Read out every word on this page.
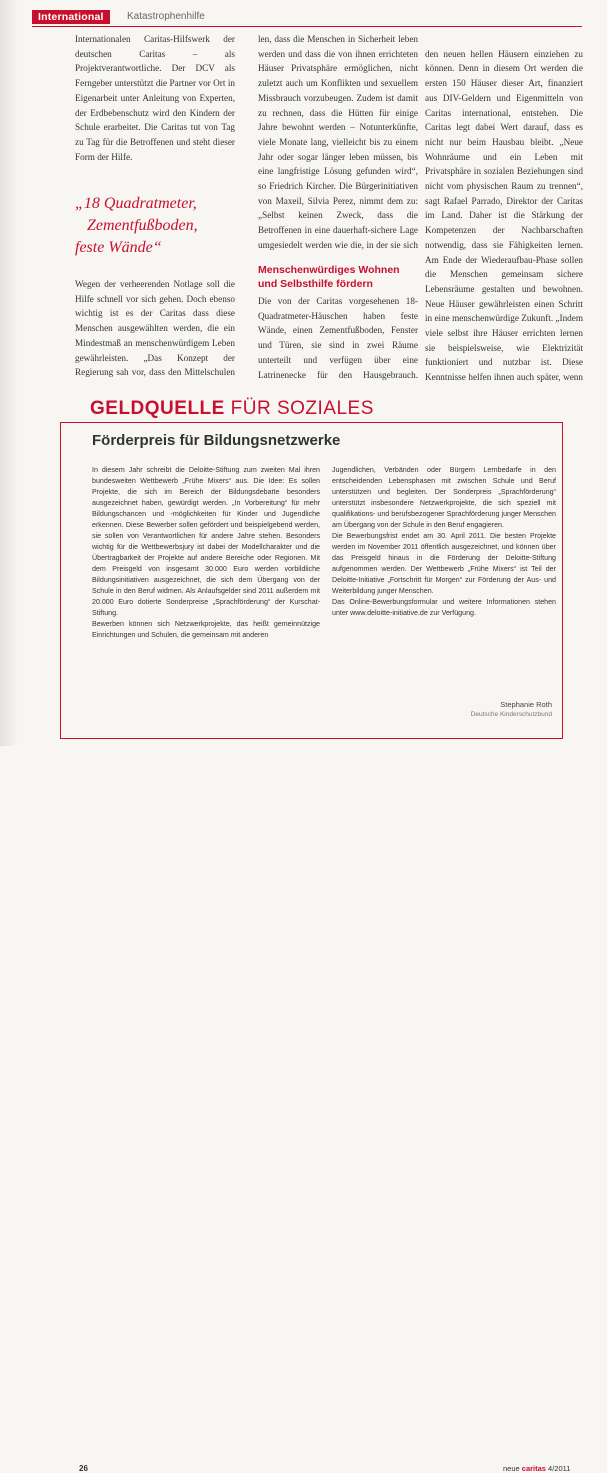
International	Katastrophenhilfe

Internationalen Caritas-Hilfswerk der deutschen Caritas – als Projektverantwortliche. Der DCV als Ferngeber unterstützt die Partner vor Ort in Eigenarbeit unter Anleitung von Experten, der Erdbebenschutz wird den Kindern der Schule erarbeitet. Die Caritas tut von Tag zu Tag für die Betroffenen und steht dieser Form der Hilfe.

„18 Quadratmeter,
Zementfußboden,
feste Wände“

Wegen der verheerenden Notlage soll die Hilfe schnell vor sich gehen. Doch ebenso wichtig ist es der Caritas dass diese Menschen ausgewählten werden, die ein Mindestmaß an menschenwürdigem Leben gewährleisten. „Das Konzept der Regierung sah vor, dass den Mittelschulen

len, dass die Menschen in Sicherheit leben werden und dass die von ihnen errichteten Häuser Privatsphäre ermöglichen, nicht zuletzt auch um Konflikten und sexuellem Missbrauch vorzubeugen. Zudem ist damit zu rechnen, dass die Hütten für einige Jahre bewohnt werden – Notunterkünfte, viele Monate lang, vielleicht bis zu einem Jahr oder sogar länger leben müssen, bis eine langfristige Lösung gefunden wird“, so Friedrich Kircher. Die Bürgerinitiativen von Maxeil, Silvia Perez, nimmt dem zu: „Selbst keinen Zweck, dass die Betroffenen in eine dauerhaft-sichere Lage umgesiedelt werden wie die, in der sie sich

Menschenwürdiges Wohnen und Selbsthilfe fördern

Die von der Caritas vorgesehenen 18-Quadratmeter-Häuschen haben feste Wände, einen Zementfußboden, Fenster und Türen, sie sind in zwei Räume unterteilt und verfügen über eine Latrinenecke für den Hausgebrauch.

den neuen hellen Häusern einziehen zu können. Denn in diesem Ort werden die ersten 150 Häuser dieser Art, finanziert aus DIV-Geldern und Eigenmitteln von Caritas international, entstehen. Die Caritas legt dabei Wert darauf, dass es nicht nur beim Hausbau bleibt. „Neue Wohnräume und ein Leben mit Privatsphäre in sozialen Beziehungen sind nicht vom physischen Raum zu trennen“, sagt Rafael Parrado, Direktor der Caritas im Land. Daher ist die Stärkung der Kompetenzen der Nachbarschaften notwendig, dass sie Fähigkeiten lernen. Am Ende der Wiederaufbau-Phase sollen die Menschen gemeinsam sichere Lebensräume gestalten und bewohnen. Neue Häuser gewährleisten einen Schritt in eine menschenwürdige Zukunft. „Indem viele selbst ihre Häuser errichten lernen sie beispielsweise, wie Elektrizität funktioniert und nutzbar ist. Diese Kenntnisse helfen ihnen auch später, wenn

GELDQUELLE FÜR SOZIALES
Förderpreis für Bildungsnetzwerke

In diesem Jahr schreibt die Deloitte-Stiftung zum zweiten Mal ihren bundesweiten Wettbewerb „Frühe Mixers“ aus. Die Idee: Es sollen Projekte, die sich im Bereich der Bildungsdebatte besonders ausgezeichnet haben, gewürdigt werden. „In Vorbereitung“ für mehr Bildungschancen und -möglichkeiten für Kinder und Jugendliche erkennen. Diese Bewerber sollen gefördert und beispielgebend werden, sie sollen von Verantwortlichen für andere Jahre stehen. Besonders wichtig für die Wettbewerbsjury ist dabei der Modellcharakter und die Übertragbarkeit der Projekte auf andere Bereiche oder Regionen. Mit dem Preisgeld von insgesamt 30.000 Euro werden vorbildliche Bildungsinitiativen ausgezeichnet, die sich dem Übergang von der Schule in den Beruf widmen. Als Anlaufsgelder sind 2011 außerdem mit 20.000 Euro dotierte Sonderpreise „Sprachförderung“ der Kurschat-Stiftung.
Bewerben können sich Netzwerkprojekte, das heißt gemeinnützige Einrichtungen und Schulen, die gemeinsam mit anderen

Jugendlichen, Verbänden oder Bürgern Lernbedarfe in den entscheidenden Lebensphasen mit zwischen Schule und Beruf unterstützen und begleiten. Der Sonderpreis „Sprachförderung“ unterstützt insbesondere Netzwerkprojekte, die sich speziell mit qualifikations- und berufsbezogener Sprachförderung junger Menschen am Übergang von der Schule in den Beruf engagieren.
Die Bewerbungsfrist endet am 30. April 2011. Die besten Projekte werden im November 2011 öffentlich ausgezeichnet, und können über das Preisgeld hinaus in die Förderung der Deloitte-Stiftung aufgenommen werden. Der Wettbewerb „Frühe Mixers“ ist Teil der Deloitte-Initiative „Fortschritt für Morgen“ zur Förderung der Aus- und Weiterbildung junger Menschen.
Das Online-Bewerbungsformular und weitere Informationen stehen unter www.deloitte-initiative.de zur Verfügung.

Stephanie Roth
Deutsche Kinderschutzbund
26	neue caritas 4/2011
